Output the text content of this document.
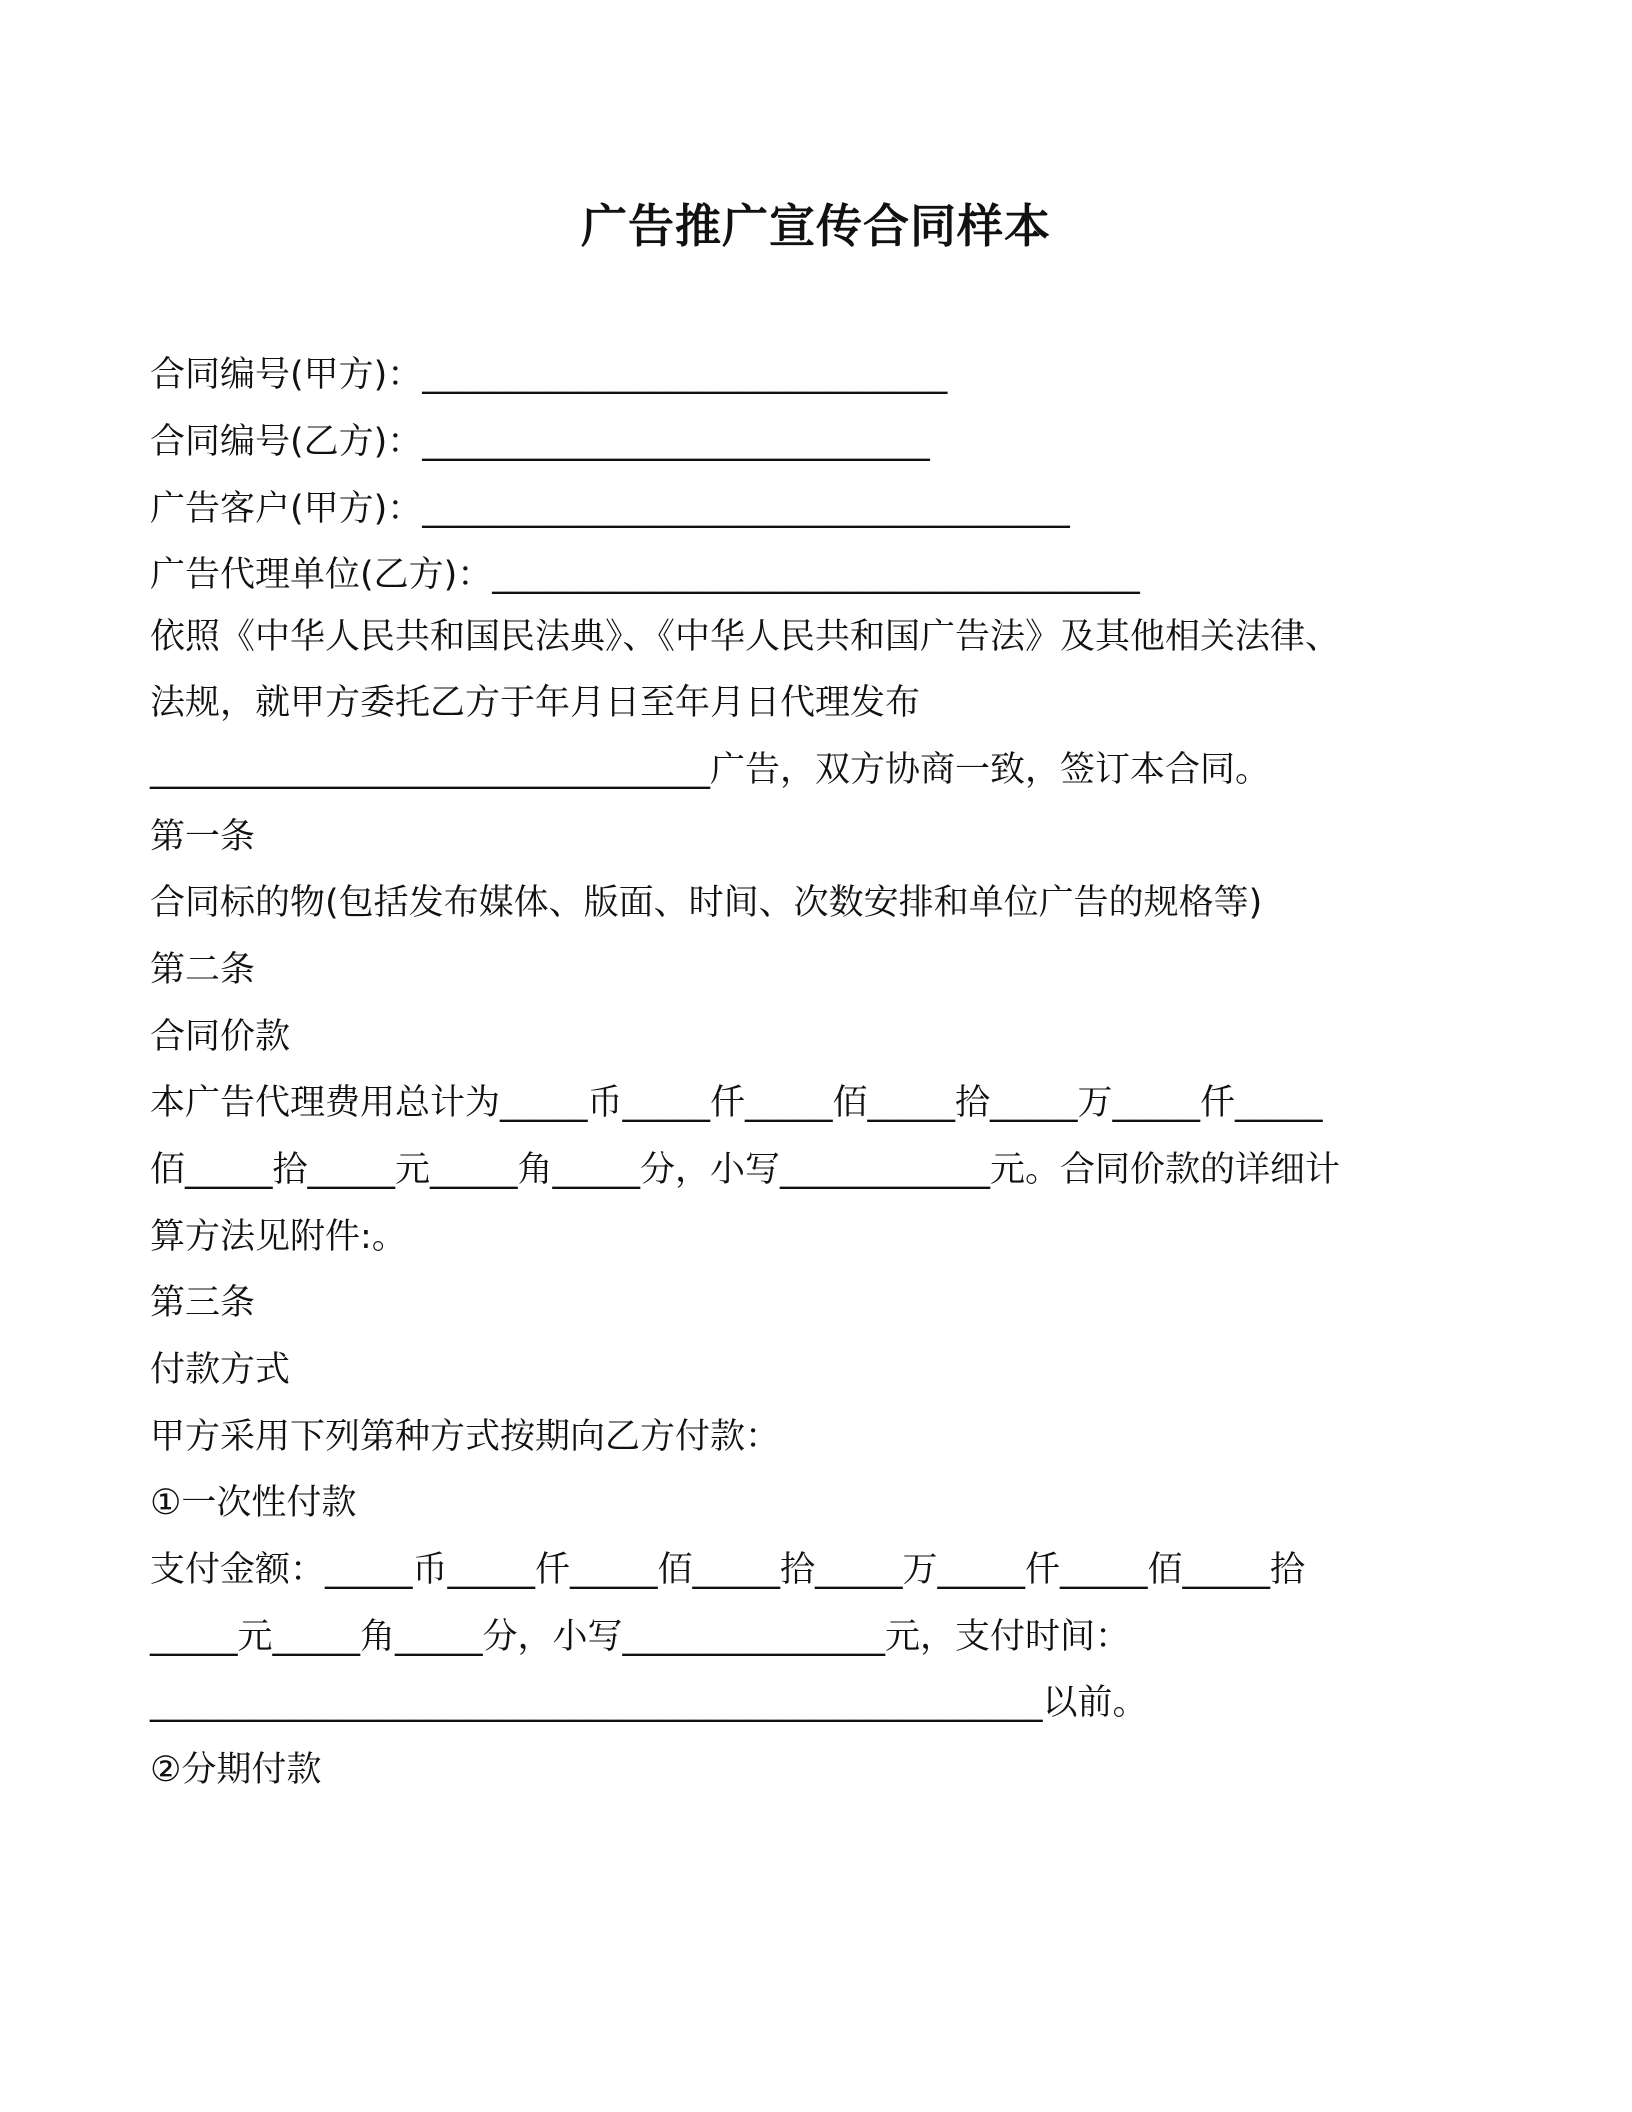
广告推广宣传合同样本
合同编号(甲方)：______________________________
合同编号(乙方)：_____________________________
广告客户(甲方)：_____________________________________
广告代理单位(乙方)：_____________________________________
依照《中华人民共和国民法典》、《中华人民共和国广告法》及其他相关法律、
法规，就甲方委托乙方于年月日至年月日代理发布
________________________________广告，双方协商一致，签订本合同。
第一条
合同标的物(包括发布媒体、版面、时间、次数安排和单位广告的规格等)
第二条
合同价款
本广告代理费用总计为_____币_____仟_____佰_____拾_____万_____仟_____
佰_____拾_____元_____角_____分，小写____________元。合同价款的详细计
算方法见附件:。
第三条
付款方式
甲方采用下列第种方式按期向乙方付款：
①一次性付款
支付金额：_____币_____仟_____佰_____拾_____万_____仟_____佰_____拾
_____元_____角_____分，小写_______________元，支付时间：
___________________________________________________以前。
②分期付款
